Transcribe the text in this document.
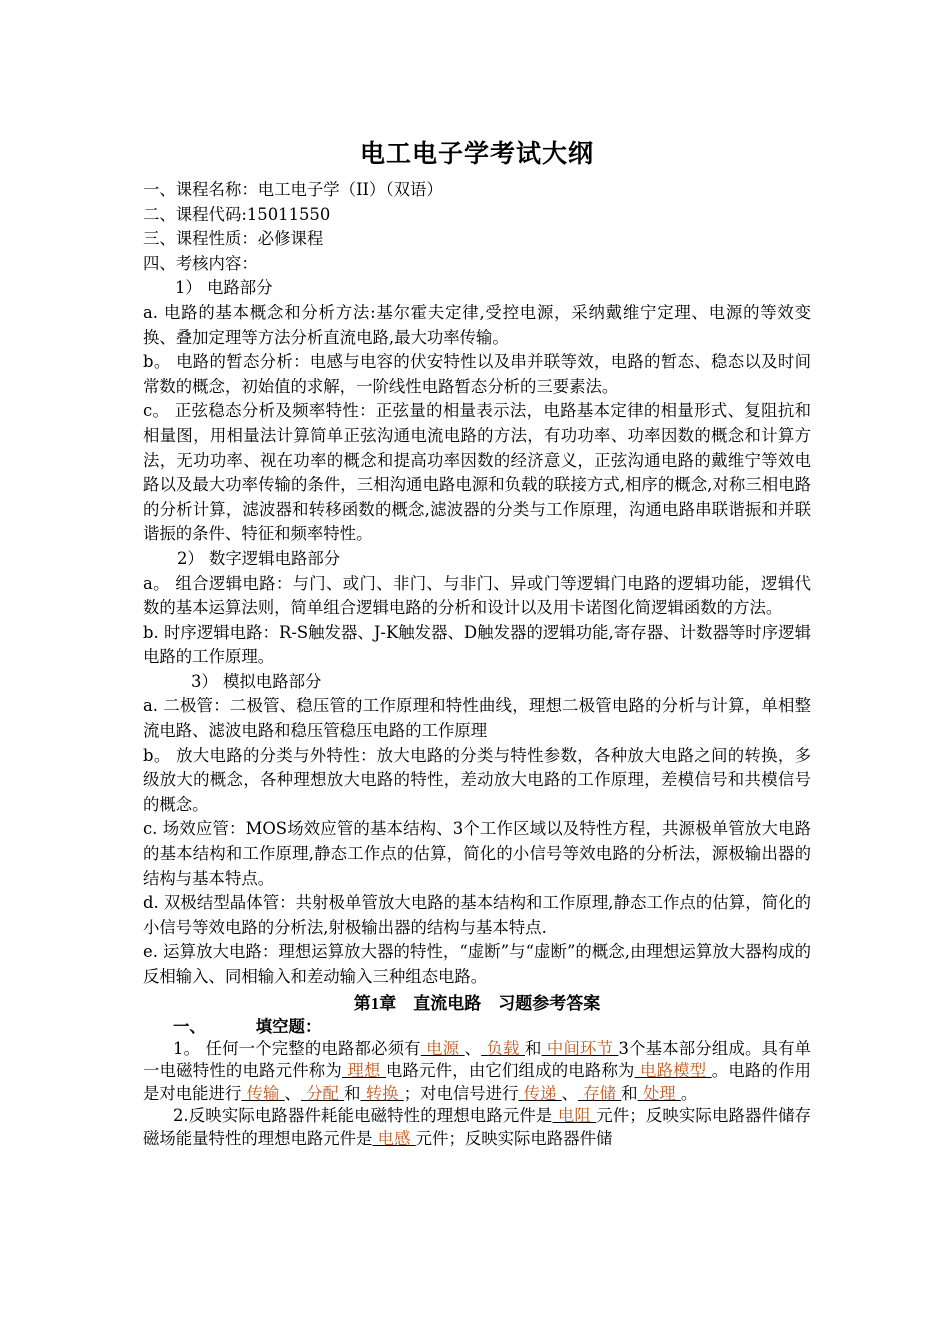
电工电子学考试大纲
一、课程名称：电工电子学（II）（双语）
二、课程代码:15011550
三、课程性质：必修课程
四、考核内容：
1） 电路部分
a. 电路的基本概念和分析方法:基尔霍夫定律,受控电源，采纳戴维宁定理、电源的等效变换、叠加定理等方法分析直流电路,最大功率传输。
b。 电路的暂态分析：电感与电容的伏安特性以及串并联等效，电路的暂态、稳态以及时间常数的概念，初始值的求解，一阶线性电路暂态分析的三要素法。
c。 正弦稳态分析及频率特性：正弦量的相量表示法，电路基本定律的相量形式、复阻抗和相量图，用相量法计算简单正弦沟通电流电路的方法，有功功率、功率因数的概念和计算方法，无功功率、视在功率的概念和提高功率因数的经济意义，正弦沟通电路的戴维宁等效电路以及最大功率传输的条件，三相沟通电路电源和负载的联接方式,相序的概念,对称三相电路的分析计算，滤波器和转移函数的概念,滤波器的分类与工作原理，沟通电路串联谐振和并联谐振的条件、特征和频率特性。
2） 数字逻辑电路部分
a。 组合逻辑电路：与门、或门、非门、与非门、异或门等逻辑门电路的逻辑功能，逻辑代数的基本运算法则，简单组合逻辑电路的分析和设计以及用卡诺图化简逻辑函数的方法。
b. 时序逻辑电路：R-S触发器、J-K触发器、D触发器的逻辑功能,寄存器、计数器等时序逻辑电路的工作原理。
3） 模拟电路部分
a. 二极管：二极管、稳压管的工作原理和特性曲线，理想二极管电路的分析与计算，单相整流电路、滤波电路和稳压管稳压电路的工作原理
b。 放大电路的分类与外特性：放大电路的分类与特性参数，各种放大电路之间的转换，多级放大的概念，各种理想放大电路的特性，差动放大电路的工作原理，差模信号和共模信号的概念。
c. 场效应管：MOS场效应管的基本结构、3个工作区域以及特性方程，共源极单管放大电路的基本结构和工作原理,静态工作点的估算，简化的小信号等效电路的分析法，源极输出器的结构与基本特点。
d. 双极结型晶体管：共射极单管放大电路的基本结构和工作原理,静态工作点的估算，简化的小信号等效电路的分析法,射极输出器的结构与基本特点.
e. 运算放大电路：理想运算放大器的特性，“虚断”与“虚断”的概念,由理想运算放大器构成的反相输入、同相输入和差动输入三种组态电路。
第1章　直流电路　习题参考答案
一、	填空题：
1。 任何一个完整的电路都必须有 电源 、 负载 和 中间环节 3个基本部分组成。具有单一电磁特性的电路元件称为 理想 电路元件，由它们组成的电路称为 电路模型 。电路的作用是对电能进行 传输 、 分配 和 转换 ；对电信号进行 传递 、 存储 和 处理 。
2.反映实际电路器件耗能电磁特性的理想电路元件是 电阻 元件；反映实际电路器件储存磁场能量特性的理想电路元件是 电感 元件；反映实际电路器件储
